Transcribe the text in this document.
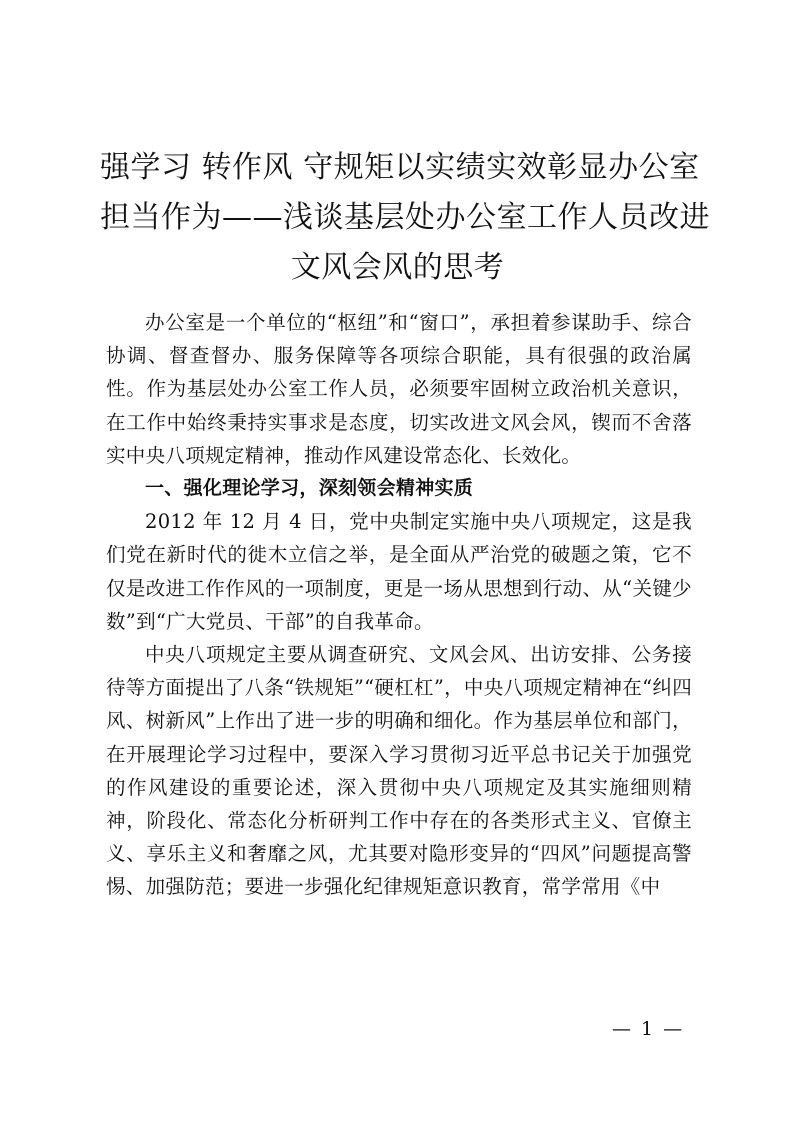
强学习 转作风 守规矩以实绩实效彰显办公室
担当作为——浅谈基层处办公室工作人员改进
文风会风的思考

办公室是一个单位的“枢纽”和“窗口”，承担着参谋助手、综合协调、督查督办、服务保障等各项综合职能，具有很强的政治属性。作为基层处办公室工作人员，必须要牢固树立政治机关意识，在工作中始终秉持实事求是态度，切实改进文风会风，锲而不舍落实中央八项规定精神，推动作风建设常态化、长效化。

一、强化理论学习，深刻领会精神实质

2012 年 12 月 4 日，党中央制定实施中央八项规定，这是我们党在新时代的徙木立信之举，是全面从严治党的破题之策，它不仅是改进工作作风的一项制度，更是一场从思想到行动、从“关键少数”到“广大党员、干部”的自我革命。

中央八项规定主要从调查研究、文风会风、出访安排、公务接待等方面提出了八条“铁规矩”“硬杠杠”，中央八项规定精神在“纠四风、树新风”上作出了进一步的明确和细化。作为基层单位和部门，在开展理论学习过程中，要深入学习贯彻习近平总书记关于加强党的作风建设的重要论述，深入贯彻中央八项规定及其实施细则精神，阶段化、常态化分析研判工作中存在的各类形式主义、官僚主义、享乐主义和奢靡之风，尤其要对隐形变异的“四风”问题提高警惕、加强防范；要进一步强化纪律规矩意识教育，常学常用《中

— 1 —
